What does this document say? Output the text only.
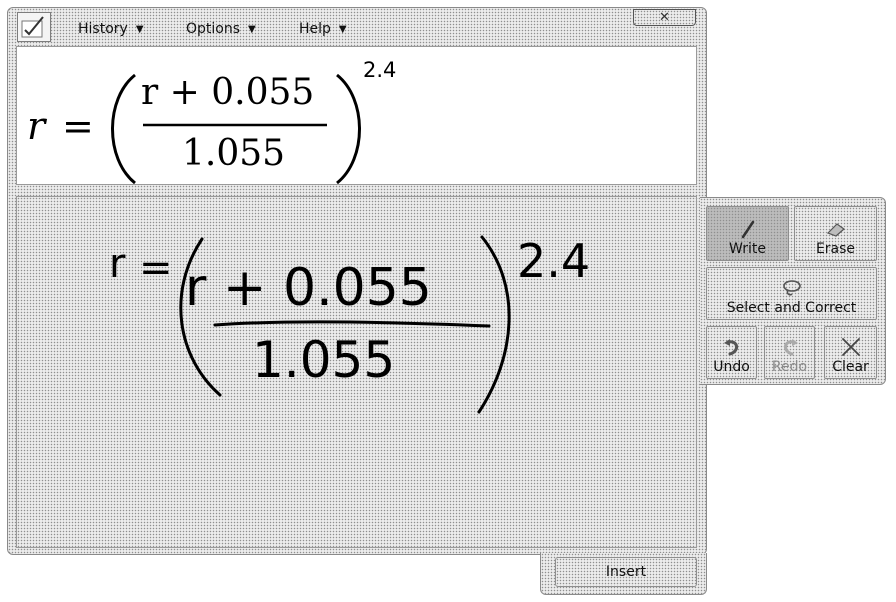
History ▼	Options ▼	Help ▼
✕
r =
r + 0.055
1.055
2.4
r = r + 0.055
1.055
2.4	Write	Erase
Select and Correct
Undo Redo Clear
Insert
